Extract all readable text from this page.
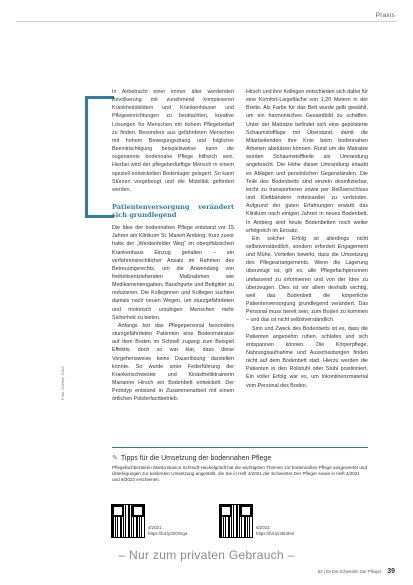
Praxis
Foto: Gerreit, Gore

In Anbetracht einer immer älter werdenden Bevölkerung mit zunehmend komplexeren Krankheitsbildern und Krankenhäuser und Pflegeeinrichtungen zu beobachten, kreative Lösungen für Menschen mit hohem Pflegebedarf zu finden. Besonders aus gefährdeten Menschen mit hohem Bewegungsdrang und folglicher Beeinträchtigung beispielsweise kann die sogenannte bodennahe Pflege hilfreich sein. Hierbei wird der pflegebedürftige Mensch in einem speziell entwickelten Bodenlager gelagert. So kann Stürzen vorgebeugt und die Mobilität gefördert werden.

Patientenversorgung verändert sich grundlegend

Die Idee der bodennahen Pflege entstand vor 15 Jahren am Klinikum St. Marien Amberg. Kurz zuvor hatte der „Werdenfelder Weg“ im oberpfälzischen Krankenhaus Einzug gehalten – ein verfahrensrechtlicher Ansatz im Rahmen des Betreuungsrechts, um die Anwendung von freiheitsentziehenden Maßnahmen wie Medikamentengaben, Bauchgurte und Bettgitter zu reduzieren. Die Kolleginnen und Kollegen suchten damals nach neuen Wegen, um sturzgefährdeten und motorisch unruhigen Menschen mehr Sicherheit zu bieten.

Anfangs bot das Pflegepersonal besonders sturzgefährdeten Patienten eine Bodenmatratze auf dem Boden im Schnell zugang zum Beispiel Effektiv, doch so war klar, dass diese Vorgehensweise keine Dauerlösung darstellen konnte. So wurde unter Federführung der Krankenschwester und Kinästhetiktrainerin Marianne Hirsch ein Bodenbett entwickelt. Der Prototyp entstand in Zusammenarbeit mit einem örtlichen Polsterfachbetrieb.

Hirsch und ihre Kollegen entschieden sich dabei für eine Komfort-Liegefläche von 1,20 Metern in der Breite. Als Farbe für das Bett wurde gelb gewählt, um ein harmonisches Gesamtbild zu schaffen. Unter der Matratze befindet sich eine gepolsterte Schaumstofflage mit Überstand, damit die Mitarbeitenden ihre Knie beim bodennahen Arbeiten abstützen können. Rund um die Matratze wurden Schaumstoffkeile als Umrandung angebracht. Die Höhe dieser Umrandung erlaubt es Ablagen und persönlichen Gegenständen. Die Teile des Bodenbetts sind einzeln desinfizierbar, leicht zu transportieren sowie per Reißverschluss und Klettbändern miteinander zu verbinden. Aufgrund der guten Erfahrungen erwarb das Klinikum nach einigen Jahren in neues Bodenbett. In Amberg sind heute Bodenbetten noch weiter erfolgreich im Einsatz.

Ein solcher Erfolg ist allerdings nicht selbstverständlich, sondern erfordert Engagement und Mühe. Vorteilen bewirkt, dass die Umsetzung des Pflegearrangements. Wenn die Lagerung überzeugt ist, gilt es, alle Pflegefachpersonen umfassend zu informieren und von der Idee zu überzeugen. Dies ist vor allem deshalb wichtig, weil das Bodenbett die körperliche Patientenversorgung grundlegend verändert. Das Personal muss bereit sein, zum Boden zu kommen – und das ist nicht selbstverständlich.

Sinn und Zweck des Bodenbetts ist es, dass die Patienten angenehm ruhen, schlafen und sich entspannen können. Die Körperpflege, Nahrungsaufnahme und Ausscheidungen finden nicht auf dem Bodenbett statt. Hierzu werden die Patienten in den Rollstuhl oder Stuhl positioniert. Ein voller Erfolg war es, um Inkontinenzmaterial vom Personal des Boden.

✎ Tipps für die Umsetzung der bodennahen Pflege
Pflegefachberaterin Marita Bianca Schmidt-Hackelgrindl hat die wichtigsten Themen zur bodennahen Pflege ausgewertet und Überlegungen zur konkreten Umsetzung angestellt, die Sie in Heft 4/2021 der Schwester Der Pfleger sowie in Heft 4/2021 und 6/2023 erschienen.
4/2021:
https://bit.ly/3IOhrga
6/2023:
https://bit.ly/4bt4Ksl
– Nur zum privaten Gebrauch –
63 | 09 Die Schwester Der Pfleger 39
